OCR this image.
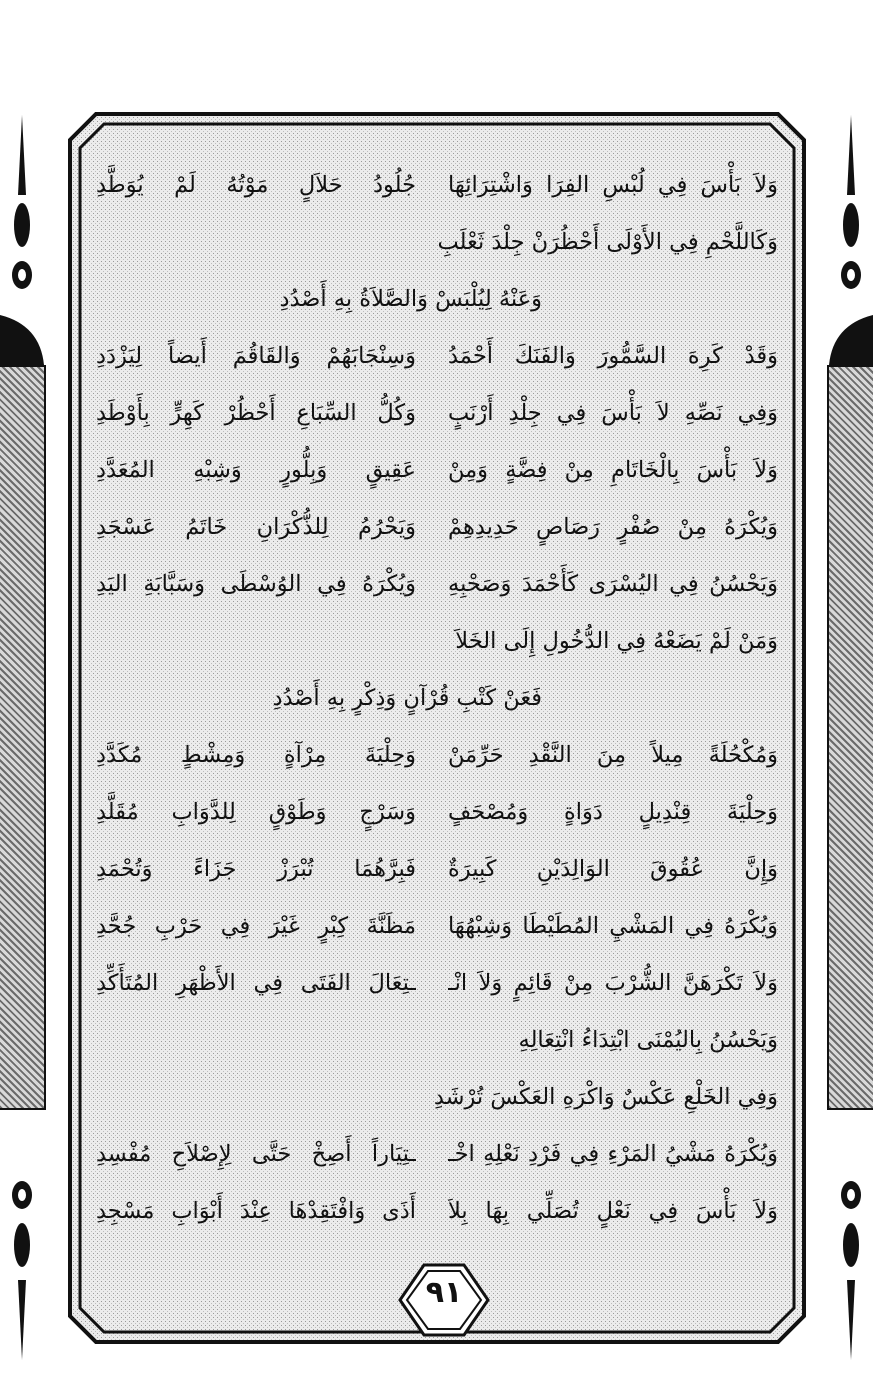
وَلاَ بَأْسَ فِي لُبْسِ الفِرَا وَاشْتِرَائِهَا
جُلُودُ حَلاَلٍ مَوْتُهُ لَمْ يُوَطَّدِ
وَكَاللَّحْمِ فِي الأَوْلَى أَحْظُرَنْ جِلْدَ ثَعْلَبِ
وَعَنْهُ لِيُلْبَسْ وَالصَّلاَةُ بِهِ أَصْدُدِ
وَقَدْ كَرِهَ السَّمُّورَ وَالفَنَكَ أَحْمَدُ
وَسِنْجَابَهُمْ وَالقَاقُمَ أَيضاً لِيَزْدَدِ
وَفِي نَصِّهِ لاَ بَأْسَ فِي جِلْدِ أَرْنَبٍ
وَكُلُّ السِّبَاعِ أَحْظُرْ كَهِرٍّ بِأَوْطَدِ
وَلاَ بَأْسَ بِالْخَاتَامِ مِنْ فِضَّةٍ وَمِنْ
عَقِيقٍ وَبِلُّورٍ وَشِبْهِ المُعَدَّدِ
وَيُكْرَهُ مِنْ صُفْرٍ رَصَاصٍ حَدِيدِهِمْ
وَيَحْرُمُ لِلذُّكْرَانِ خَاتَمُ عَسْجَدِ
وَيَحْسُنُ فِي اليُسْرَى كَأَحْمَدَ وَصَحْبِهِ
وَيُكْرَهُ فِي الوُسْطَى وَسَبَّابَةِ اليَدِ
وَمَنْ لَمْ يَضَعْهُ فِي الدُّخُولِ إِلَى الخَلاَ
فَعَنْ كَتْبِ قُرْآنٍ وَذِكْرٍ بِهِ أَصْدُدِ
وَمُكْحُلَةً مِيلاً مِنَ النَّقْدِ حَرِّمَنْ
وَحِلْيَةَ مِرْآةٍ وَمِشْطٍ مُكَدَّدِ
وَحِلْيَةَ قِنْدِيلٍ دَوَاةٍ وَمُصْحَفٍ
وَسَرْجٍ وَطَوْقٍ لِلدَّوَابِ مُقَلَّدِ
وَإِنَّ عُقُوقَ الوَالِدَيْنِ كَبِيرَةٌ
فَبِرَّهُمَا تُبْرَزْ جَزَاءً وَتُحْمَدِ
وَيُكْرَهُ فِي المَشْيِ المُطَيْطَا وَشِبْهُهَا
مَظَنَّةَ كِبْرٍ غَيْرَ فِي حَرْبِ جُحَّدِ
وَلاَ تَكْرَهَنَّ الشُّرْبَ مِنْ قَائِمٍ وَلاَ انْـ
ـتِعَالَ الفَتَى فِي الأَظْهَرِ المُتَأَكِّدِ
وَيَحْسُنُ بِاليُمْنَى ابْتِدَاءُ انْتِعَالِهِ
وَفِي الخَلْعِ عَكْسٌ وَاكْرَهِ العَكْسَ تُرْشَدِ
وَيُكْرَهُ مَشْيُ المَرْءِ فِي فَرْدِ نَعْلِهِ اخْـ
ـتِيَاراً أَصِخْ حَتَّى لِإِصْلاَحِ مُفْسِدِ
وَلاَ بَأْسَ فِي نَعْلٍ تُصَلِّي بِهَا بِلاَ
أَذَى وَافْتَقِدْهَا عِنْدَ أَبْوَابِ مَسْجِدِ
٩١
